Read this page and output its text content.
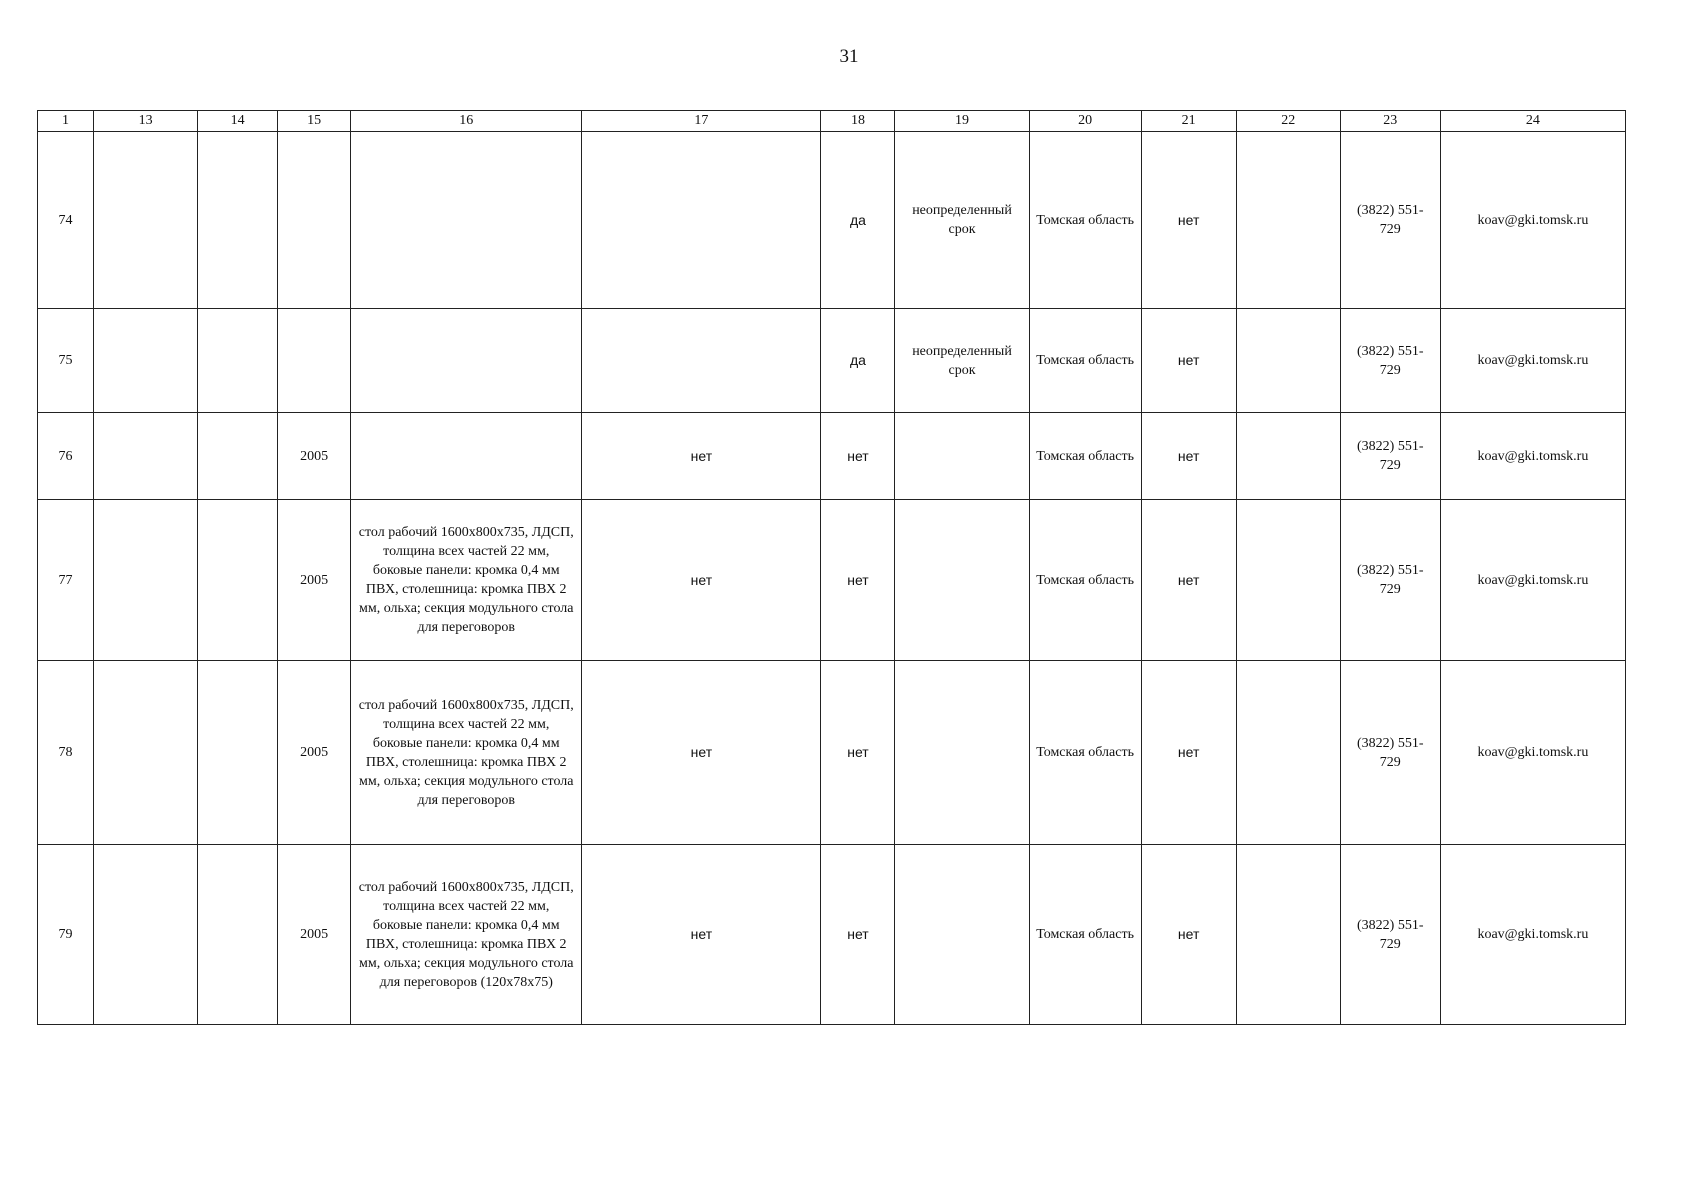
31
1	13	14	15	16	17	18	19	20	21	22	23	24
74						да	неопределенный срок	Томская область	нет		(3822) 551-729	koav@gki.tomsk.ru
75						да	неопределенный срок	Томская область	нет		(3822) 551-729	koav@gki.tomsk.ru
76			2005		нет	нет		Томская область	нет		(3822) 551-729	koav@gki.tomsk.ru
77			2005	стол рабочий 1600х800х735, ЛДСП, толщина всех частей 22 мм, боковые панели: кромка 0,4 мм ПВХ, столешница: кромка ПВХ 2 мм, ольха; секция модульного стола для переговоров	нет	нет		Томская область	нет		(3822) 551-729	koav@gki.tomsk.ru
78			2005	стол рабочий 1600х800х735, ЛДСП, толщина всех частей 22 мм, боковые панели: кромка 0,4 мм ПВХ, столешница: кромка ПВХ 2 мм, ольха; секция модульного стола для переговоров	нет	нет		Томская область	нет		(3822) 551-729	koav@gki.tomsk.ru
79			2005	стол рабочий 1600х800х735, ЛДСП, толщина всех частей 22 мм, боковые панели: кромка 0,4 мм ПВХ, столешница: кромка ПВХ 2 мм, ольха; секция модульного стола для переговоров (120х78х75)	нет	нет		Томская область	нет		(3822) 551-729	koav@gki.tomsk.ru
